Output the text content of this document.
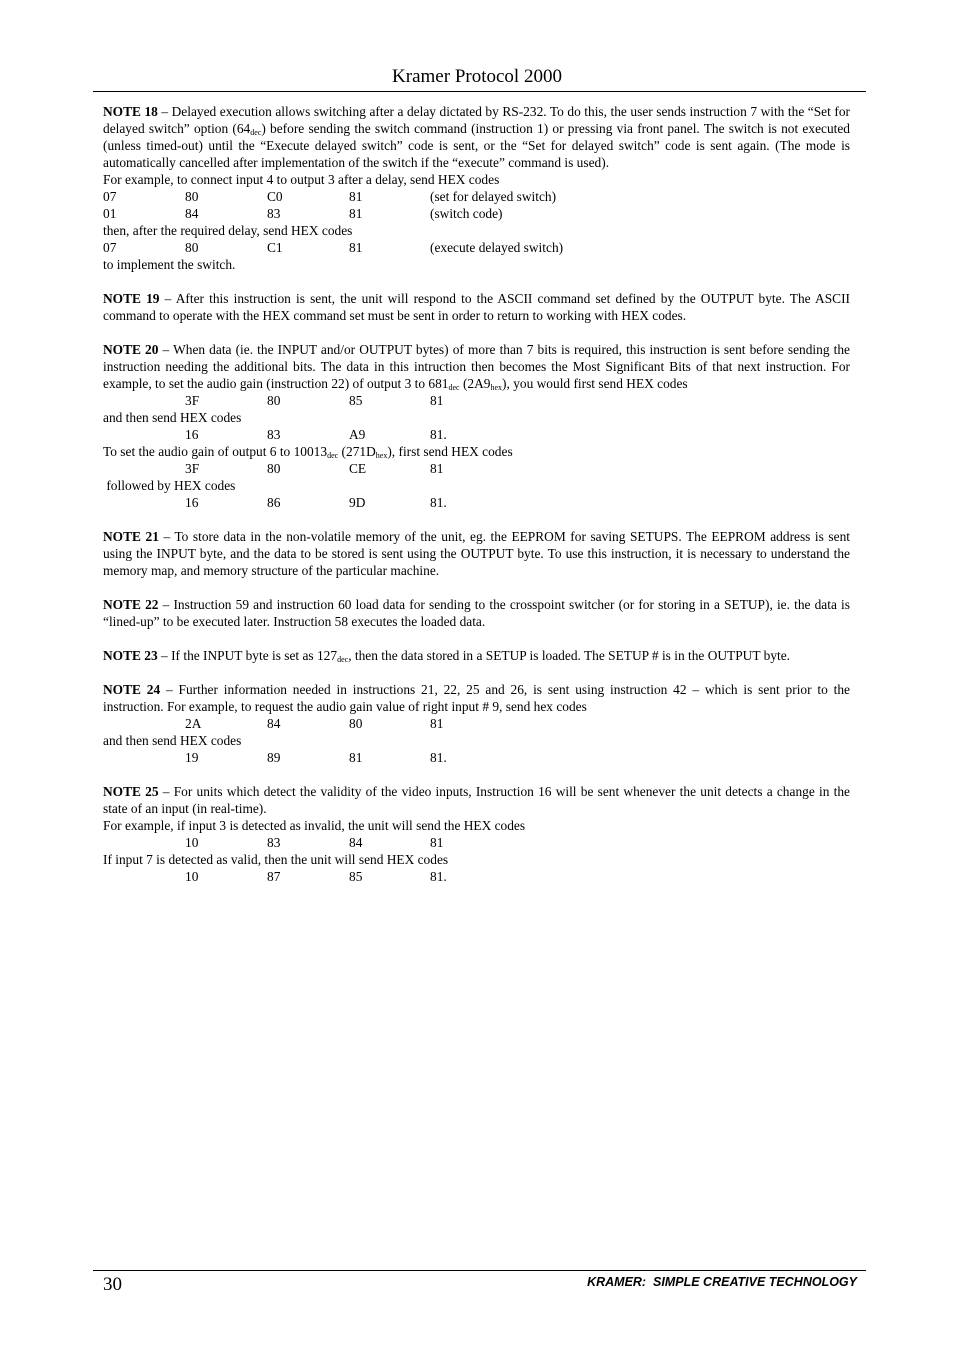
Kramer Protocol 2000
NOTE 18 – Delayed execution allows switching after a delay dictated by RS-232. To do this, the user sends instruction 7 with the “Set for delayed switch” option $(64_{dec})$ before sending the switch command (instruction 1) or pressing via front panel. The switch is not executed (unless timed-out) until the “Execute delayed switch” code is sent, or the “Set for delayed switch” code is sent again. (The mode is automatically cancelled after implementation of the switch if the “execute” command is used).
For example, to connect input 4 to output 3 after a delay, send HEX codes
07	80	C0	81	(set for delayed switch)
01	84	83	81	(switch code)
then, after the required delay, send HEX codes
07	80	C1	81	(execute delayed switch)
to implement the switch.
NOTE 19 – After this instruction is sent, the unit will respond to the ASCII command set defined by the OUTPUT byte. The ASCII command to operate with the HEX command set must be sent in order to return to working with HEX codes.
NOTE 20 – When data (ie. the INPUT and/or OUTPUT bytes) of more than 7 bits is required, this instruction is sent before sending the instruction needing the additional bits. The data in this intruction then becomes the Most Significant Bits of that next instruction. For example, to set the audio gain (instruction 22) of output 3 to $681_{dec}$ $(2A9_{hex})$, you would first send HEX codes
3F	80	85	81
and then send HEX codes
16	83	A9	81.
To set the audio gain of output 6 to $10013_{dec}$ $(271D_{hex})$, first send HEX codes
3F	80	CE	81
followed by HEX codes
16	86	9D	81.
NOTE 21 – To store data in the non-volatile memory of the unit, eg. the EEPROM for saving SETUPS. The EEPROM address is sent using the INPUT byte, and the data to be stored is sent using the OUTPUT byte. To use this instruction, it is necessary to understand the memory map, and memory structure of the particular machine.
NOTE 22 – Instruction 59 and instruction 60 load data for sending to the crosspoint switcher (or for storing in a SETUP), ie. the data is “lined-up” to be executed later. Instruction 58 executes the loaded data.
NOTE 23 – If the INPUT byte is set as $127_{dec}$, then the data stored in a SETUP is loaded. The SETUP # is in the OUTPUT byte.
NOTE 24 – Further information needed in instructions 21, 22, 25 and 26, is sent using instruction 42 – which is sent prior to the instruction. For example, to request the audio gain value of right input # 9, send hex codes
2A	84	80	81
and then send HEX codes
19	89	81	81.
NOTE 25 – For units which detect the validity of the video inputs, Instruction 16 will be sent whenever the unit detects a change in the state of an input (in real-time).
For example, if input 3 is detected as invalid, the unit will send the HEX codes
10	83	84	81
If input 7 is detected as valid, then the unit will send HEX codes
10	87	85	81.
30	KRAMER:  SIMPLE CREATIVE TECHNOLOGY
